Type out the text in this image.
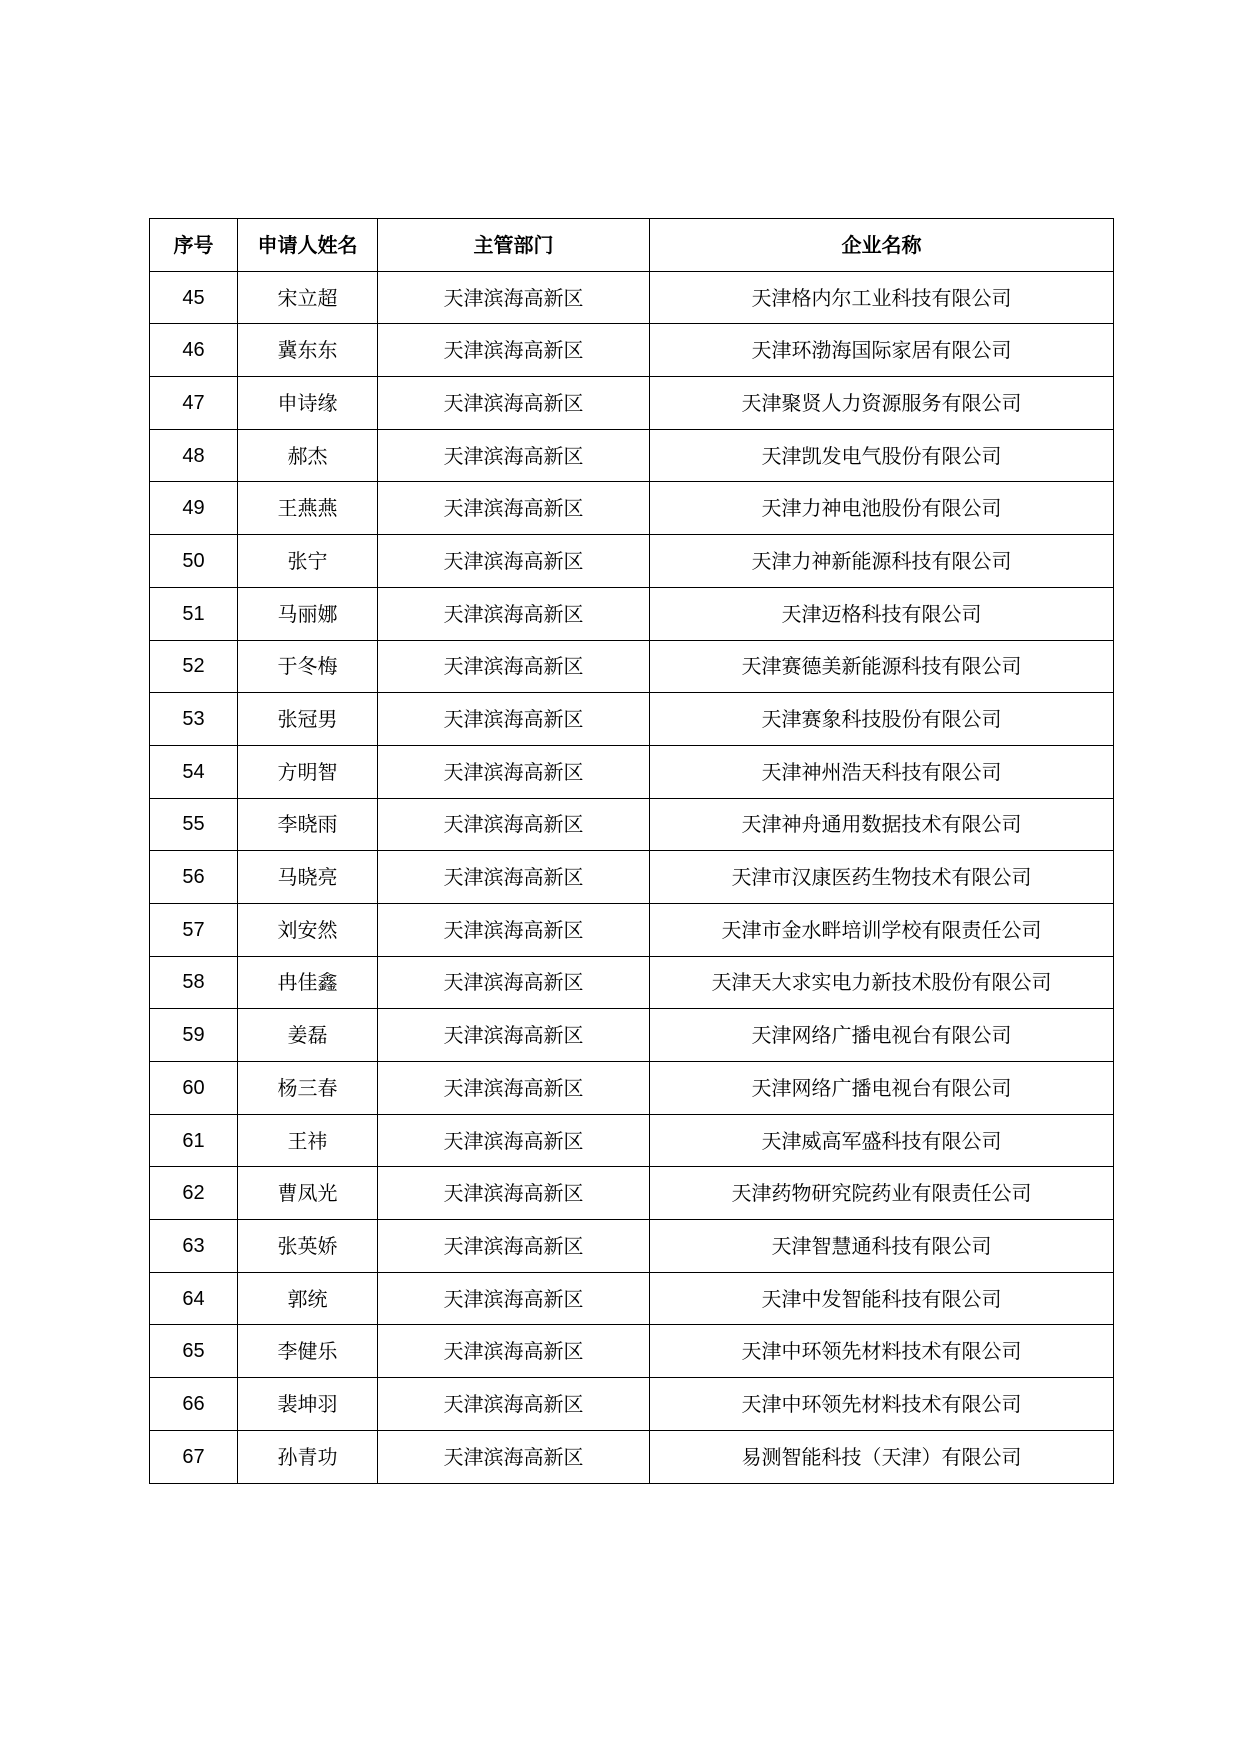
序号	申请人姓名	主管部门	企业名称
45	宋立超	天津滨海高新区	天津格内尔工业科技有限公司
46	冀东东	天津滨海高新区	天津环渤海国际家居有限公司
47	申诗缘	天津滨海高新区	天津聚贤人力资源服务有限公司
48	郝杰	天津滨海高新区	天津凯发电气股份有限公司
49	王燕燕	天津滨海高新区	天津力神电池股份有限公司
50	张宁	天津滨海高新区	天津力神新能源科技有限公司
51	马丽娜	天津滨海高新区	天津迈格科技有限公司
52	于冬梅	天津滨海高新区	天津赛德美新能源科技有限公司
53	张冠男	天津滨海高新区	天津赛象科技股份有限公司
54	方明智	天津滨海高新区	天津神州浩天科技有限公司
55	李晓雨	天津滨海高新区	天津神舟通用数据技术有限公司
56	马晓亮	天津滨海高新区	天津市汉康医药生物技术有限公司
57	刘安然	天津滨海高新区	天津市金水畔培训学校有限责任公司
58	冉佳鑫	天津滨海高新区	天津天大求实电力新技术股份有限公司
59	姜磊	天津滨海高新区	天津网络广播电视台有限公司
60	杨三春	天津滨海高新区	天津网络广播电视台有限公司
61	王祎	天津滨海高新区	天津威高军盛科技有限公司
62	曹凤光	天津滨海高新区	天津药物研究院药业有限责任公司
63	张英娇	天津滨海高新区	天津智慧通科技有限公司
64	郭统	天津滨海高新区	天津中发智能科技有限公司
65	李健乐	天津滨海高新区	天津中环领先材料技术有限公司
66	裴坤羽	天津滨海高新区	天津中环领先材料技术有限公司
67	孙青功	天津滨海高新区	易测智能科技（天津）有限公司
